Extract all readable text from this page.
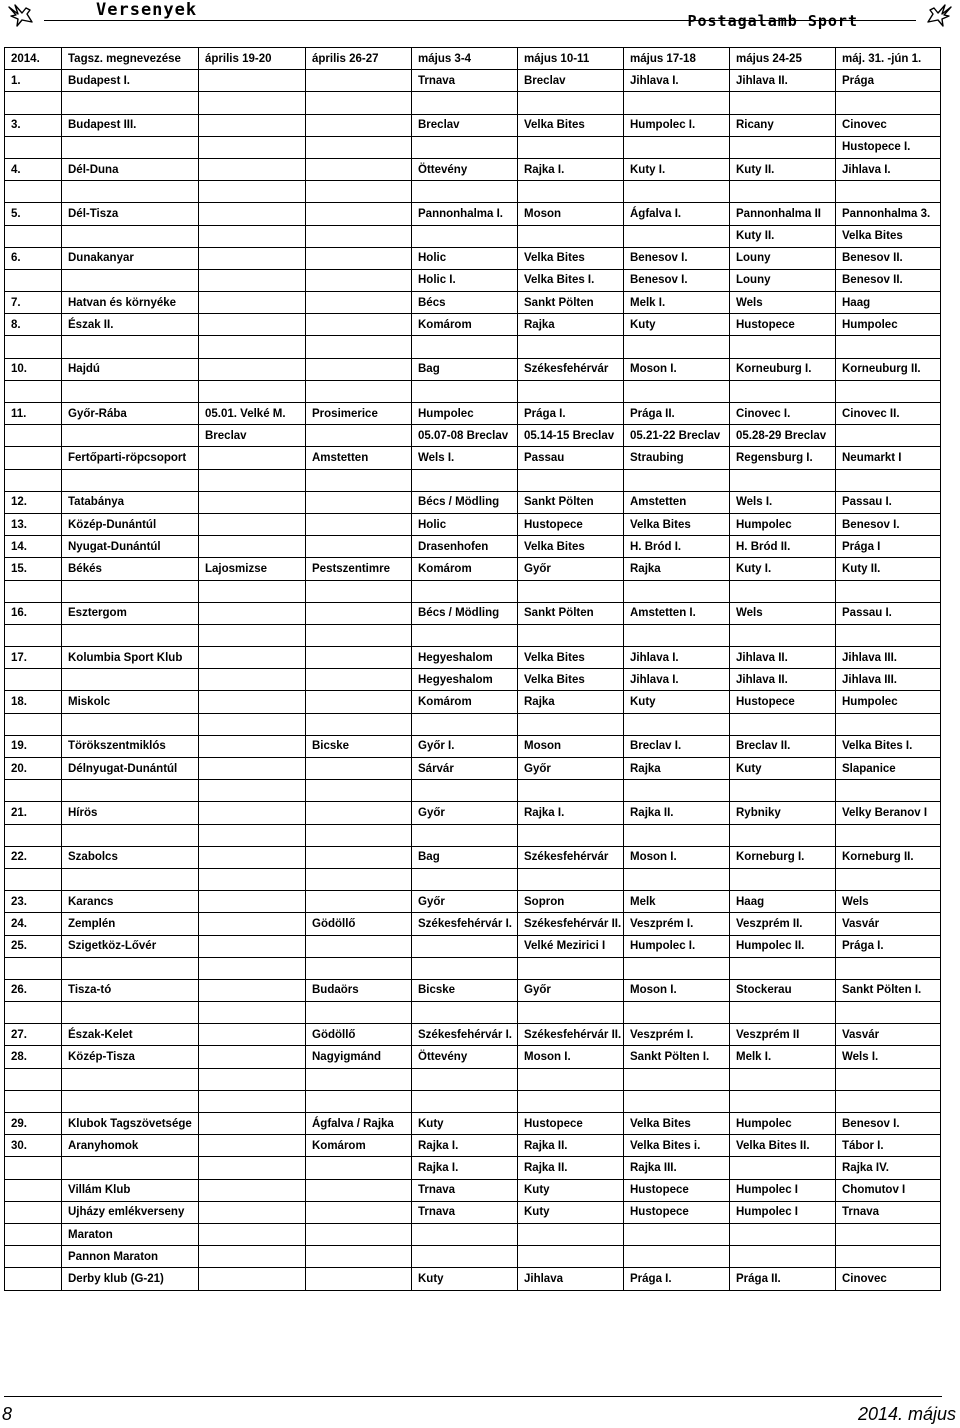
Versenyek
Postagalamb Sport
2014.	Tagsz. megnevezése	április 19-20	április 26-27	május 3-4	május 10-11	május 17-18	május 24-25	máj. 31. -jún 1.
1.	Budapest I.			Trnava	Breclav	Jihlava I.	Jihlava II.	Prága

3.	Budapest III.			Breclav	Velka Bites	Humpolec I.	Ricany	Cinovec
								Hustopece I.
4.	Dél-Duna			Öttevény	Rajka I.	Kuty I.	Kuty II.	Jihlava I.

5.	Dél-Tisza			Pannonhalma I.	Moson	Ágfalva I.	Pannonhalma II	Pannonhalma 3.
							Kuty II.	Velka Bites
6.	Dunakanyar			Holic	Velka Bites	Benesov I.	Louny	Benesov II.
				Holic I.	Velka Bites I.	Benesov I.	Louny	Benesov II.
7.	Hatvan és környéke			Bécs	Sankt Pölten	Melk I.	Wels	Haag
8.	Észak II.			Komárom	Rajka	Kuty	Hustopece	Humpolec

10.	Hajdú			Bag	Székesfehérvár	Moson I.	Korneuburg I.	Korneuburg II.

11.	Győr-Rába	05.01. Velké M.	Prosimerice	Humpolec	Prága I.	Prága II.	Cinovec I.	Cinovec II.
		Breclav		05.07-08 Breclav	05.14-15 Breclav	05.21-22 Breclav	05.28-29 Breclav	
	Fertőparti-röpcsoport		Amstetten	Wels I.	Passau	Straubing	Regensburg I.	Neumarkt I

12.	Tatabánya			Bécs / Mödling	Sankt Pölten	Amstetten	Wels I.	Passau I.
13.	Közép-Dunántúl			Holic	Hustopece	Velka Bites	Humpolec	Benesov I.
14.	Nyugat-Dunántúl			Drasenhofen	Velka Bites	H. Bród I.	H. Bród II.	Prága I
15.	Békés	Lajosmizse	Pestszentimre	Komárom	Győr	Rajka	Kuty I.	Kuty II.

16.	Esztergom			Bécs / Mödling	Sankt Pölten	Amstetten I.	Wels	Passau I.

17.	Kolumbia Sport Klub			Hegyeshalom	Velka Bites	Jihlava I.	Jihlava II.	Jihlava III.
				Hegyeshalom	Velka Bites	Jihlava I.	Jihlava II.	Jihlava III.
18.	Miskolc			Komárom	Rajka	Kuty	Hustopece	Humpolec

19.	Törökszentmiklós		Bicske	Győr I.	Moson	Breclav I.	Breclav II.	Velka Bites I.
20.	Délnyugat-Dunántúl			Sárvár	Győr	Rajka	Kuty	Slapanice

21.	Hírös			Győr	Rajka I.	Rajka II.	Rybniky	Velky Beranov I

22.	Szabolcs			Bag	Székesfehérvár	Moson I.	Korneburg I.	Korneburg II.

23.	Karancs			Győr	Sopron	Melk	Haag	Wels
24.	Zemplén		Gödöllő	Székesfehérvár I.	Székesfehérvár II.	Veszprém I.	Veszprém II.	Vasvár
25.	Szigetköz-Lővér				Velké Mezirici I	Humpolec I.	Humpolec II.	Prága I.

26.	Tisza-tó		Budaörs	Bicske	Győr	Moson I.	Stockerau	Sankt Pölten I.

27.	Észak-Kelet		Gödöllő	Székesfehérvár I.	Székesfehérvár II.	Veszprém I.	Veszprém II	Vasvár
28.	Közép-Tisza		Nagyigmánd	Öttevény	Moson I.	Sankt Pölten I.	Melk I.	Wels I.

29.	Klubok Tagszövetsége		Ágfalva / Rajka	Kuty	Hustopece	Velka Bites	Humpolec	Benesov I.
30.	Aranyhomok		Komárom	Rajka I.	Rajka II.	Velka Bites i.	Velka Bites II.	Tábor I.
				Rajka I.	Rajka II.	Rajka III.		Rajka IV.
	Villám Klub			Trnava	Kuty	Hustopece	Humpolec I	Chomutov I
	Ujházy emlékverseny			Trnava	Kuty	Hustopece	Humpolec I	Trnava
	Maraton							
	Pannon Maraton							
	Derby klub (G-21)			Kuty	Jihlava	Prága I.	Prága II.	Cinovec
8	2014. május
